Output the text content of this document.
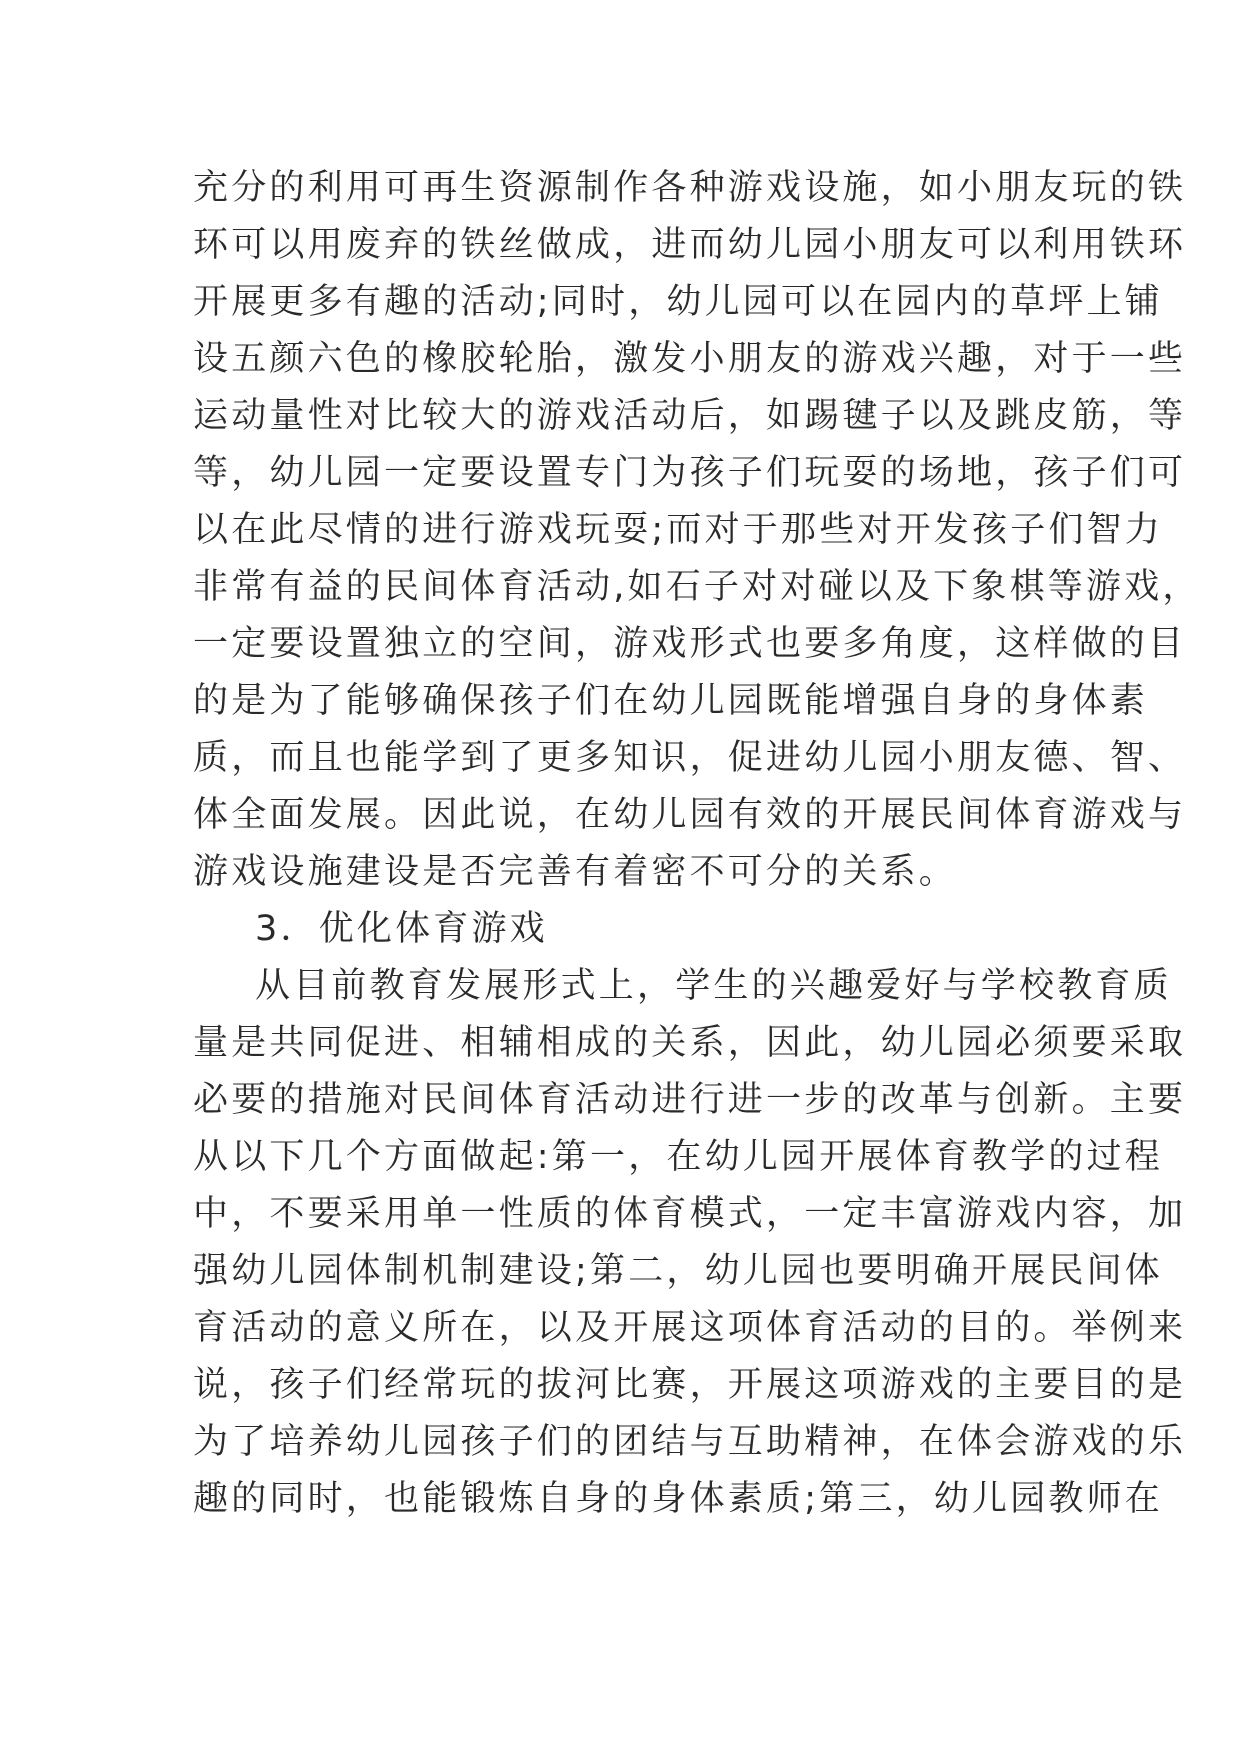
充分的利用可再生资源制作各种游戏设施，如小朋友玩的铁
环可以用废弃的铁丝做成，进而幼儿园小朋友可以利用铁环
开展更多有趣的活动;同时，幼儿园可以在园内的草坪上铺
设五颜六色的橡胶轮胎，激发小朋友的游戏兴趣，对于一些
运动量性对比较大的游戏活动后，如踢毽子以及跳皮筋，等
等，幼儿园一定要设置专门为孩子们玩耍的场地，孩子们可
以在此尽情的进行游戏玩耍;而对于那些对开发孩子们智力
非常有益的民间体育活动,如石子对对碰以及下象棋等游戏，
一定要设置独立的空间，游戏形式也要多角度，这样做的目
的是为了能够确保孩子们在幼儿园既能增强自身的身体素
质，而且也能学到了更多知识，促进幼儿园小朋友德、智、
体全面发展。因此说，在幼儿园有效的开展民间体育游戏与
游戏设施建设是否完善有着密不可分的关系。
3．优化体育游戏
从目前教育发展形式上，学生的兴趣爱好与学校教育质
量是共同促进、相辅相成的关系，因此，幼儿园必须要采取
必要的措施对民间体育活动进行进一步的改革与创新。主要
从以下几个方面做起:第一，在幼儿园开展体育教学的过程
中，不要采用单一性质的体育模式，一定丰富游戏内容，加
强幼儿园体制机制建设;第二，幼儿园也要明确开展民间体
育活动的意义所在，以及开展这项体育活动的目的。举例来
说，孩子们经常玩的拔河比赛，开展这项游戏的主要目的是
为了培养幼儿园孩子们的团结与互助精神，在体会游戏的乐
趣的同时，也能锻炼自身的身体素质;第三，幼儿园教师在
